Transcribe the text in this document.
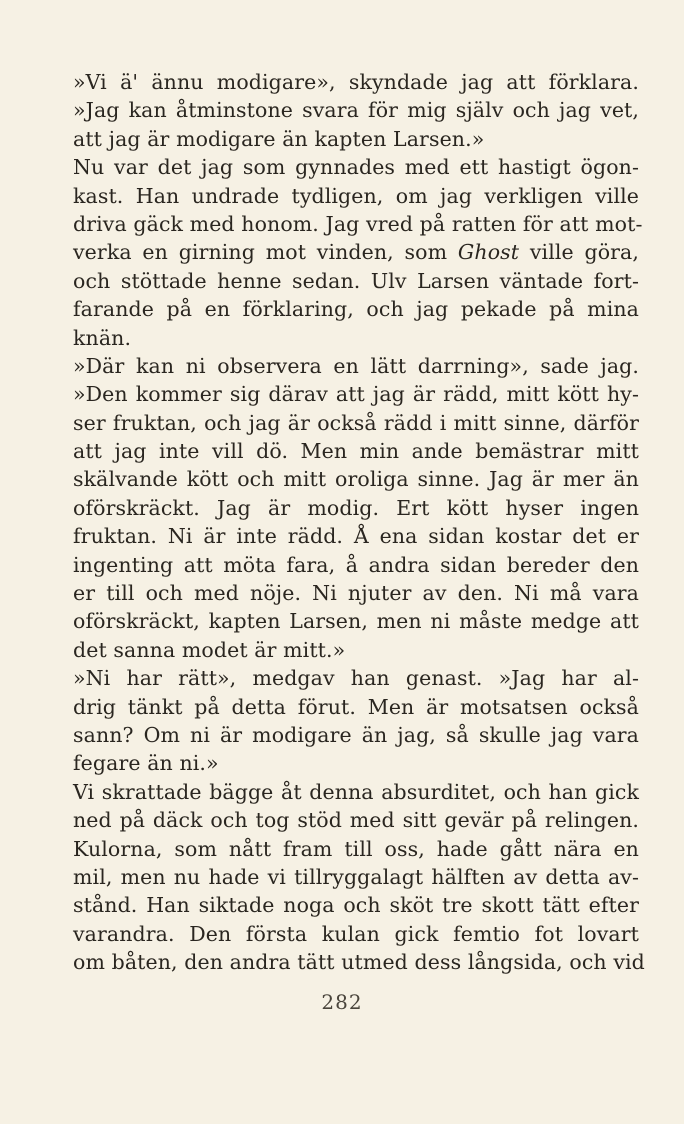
»Vi ä' ännu modigare», skyndade jag att förklara.
»Jag kan åtminstone svara för mig själv och jag vet,
att jag är modigare än kapten Larsen.»
Nu var det jag som gynnades med ett hastigt ögon-
kast. Han undrade tydligen, om jag verkligen ville
driva gäck med honom. Jag vred på ratten för att mot-
verka en girning mot vinden, som Ghost ville göra,
och stöttade henne sedan. Ulv Larsen väntade fort-
farande på en förklaring, och jag pekade på mina
knän.
»Där kan ni observera en lätt darrning», sade jag.
»Den kommer sig därav att jag är rädd, mitt kött hy-
ser fruktan, och jag är också rädd i mitt sinne, därför
att jag inte vill dö. Men min ande bemästrar mitt
skälvande kött och mitt oroliga sinne. Jag är mer än
oförskräckt. Jag är modig. Ert kött hyser ingen
fruktan. Ni är inte rädd. Å ena sidan kostar det er
ingenting att möta fara, å andra sidan bereder den
er till och med nöje. Ni njuter av den. Ni må vara
oförskräckt, kapten Larsen, men ni måste medge att
det sanna modet är mitt.»
»Ni har rätt», medgav han genast. »Jag har al-
drig tänkt på detta förut. Men är motsatsen också
sann? Om ni är modigare än jag, så skulle jag vara
fegare än ni.»
Vi skrattade bägge åt denna absurditet, och han gick
ned på däck och tog stöd med sitt gevär på relingen.
Kulorna, som nått fram till oss, hade gått nära en
mil, men nu hade vi tillryggalagt hälften av detta av-
stånd. Han siktade noga och sköt tre skott tätt efter
varandra. Den första kulan gick femtio fot lovart
om båten, den andra tätt utmed dess långsida, och vid
282
